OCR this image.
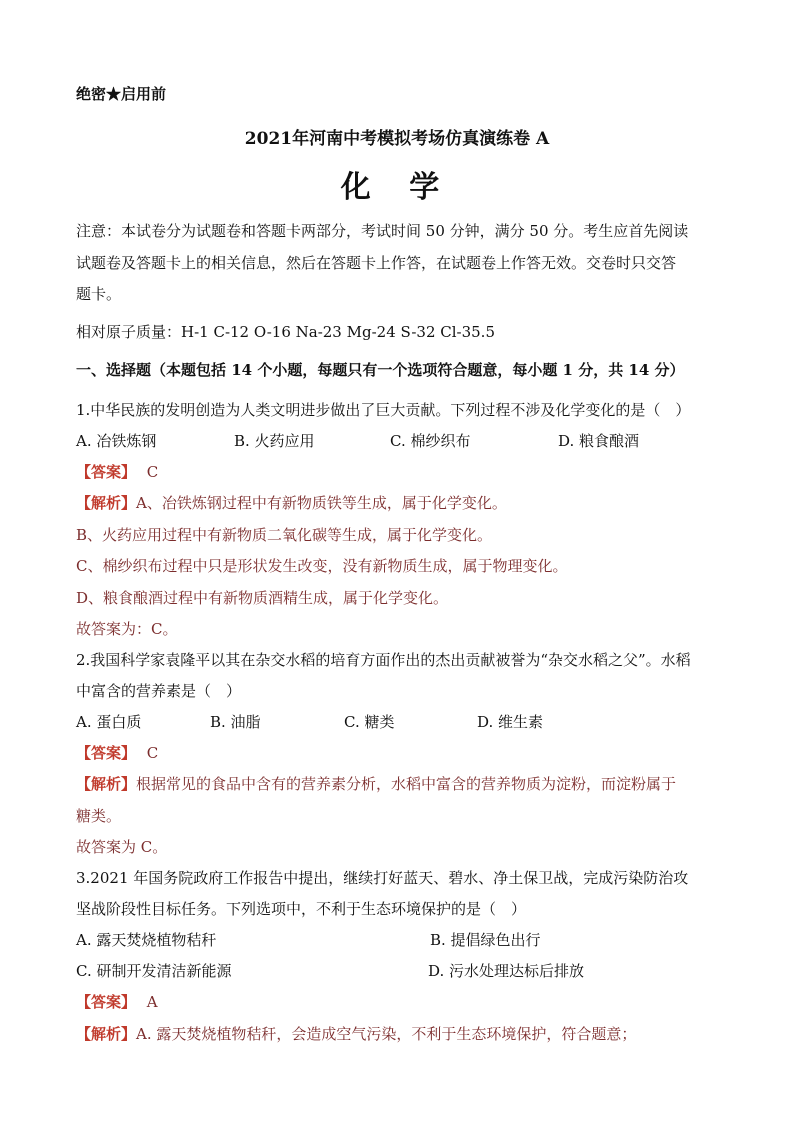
绝密★启用前
2021年河南中考模拟考场仿真演练卷 A
化 学
注意：本试卷分为试题卷和答题卡两部分，考试时间 50 分钟，满分 50 分。考生应首先阅读
试题卷及答题卡上的相关信息，然后在答题卡上作答，在试题卷上作答无效。交卷时只交答
题卡。
相对原子质量：H-1 C-12 O-16 Na-23 Mg-24 S-32 Cl-35.5
一、选择题（本题包括 14 个小题，每题只有一个选项符合题意，每小题 1 分，共 14 分）
1.中华民族的发明创造为人类文明进步做出了巨大贡献。下列过程不涉及化学变化的是（　）
A. 冶铁炼钢	B. 火药应用	C. 棉纱织布	D. 粮食酿酒
【答案】 C
【解析】A、冶铁炼钢过程中有新物质铁等生成，属于化学变化。
B、火药应用过程中有新物质二氧化碳等生成，属于化学变化。
C、棉纱织布过程中只是形状发生改变，没有新物质生成，属于物理变化。
D、粮食酿酒过程中有新物质酒精生成，属于化学变化。
故答案为：C。
2.我国科学家袁隆平以其在杂交水稻的培育方面作出的杰出贡献被誉为“杂交水稻之父”。水稻
中富含的营养素是（　）
A. 蛋白质	B. 油脂	C. 糖类	D. 维生素
【答案】 C
【解析】根据常见的食品中含有的营养素分析，水稻中富含的营养物质为淀粉，而淀粉属于
糖类。
故答案为 C。
3.2021 年国务院政府工作报告中提出，继续打好蓝天、碧水、净土保卫战，完成污染防治攻
坚战阶段性目标任务。下列选项中，不利于生态环境保护的是（　）
A. 露天焚烧植物秸秆	B. 提倡绿色出行
C. 研制开发清洁新能源	D. 污水处理达标后排放
【答案】 A
【解析】A. 露天焚烧植物秸秆，会造成空气污染，不利于生态环境保护，符合题意；
